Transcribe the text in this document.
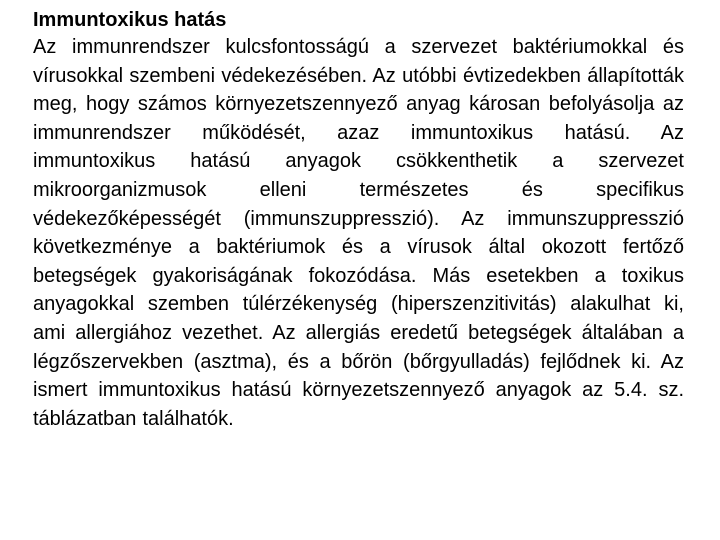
Immuntoxikus hatás

Az immunrendszer kulcsfontosságú a szervezet baktériumokkal és vírusokkal szembeni védekezésében. Az utóbbi évtizedekben állapították meg, hogy számos környezetszennyező anyag károsan befolyásolja az immunrendszer működését, azaz immuntoxikus hatású. Az immuntoxikus hatású anyagok csökkenthetik a szervezet mikroorganizmusok elleni természetes és specifikus védekezőképességét (immunszuppresszió). Az immunszuppresszió következménye a baktériumok és a vírusok által okozott fertőző betegségek gyakoriságának fokozódása. Más esetekben a toxikus anyagokkal szemben túlérzékenység (hiperszenzitivitás) alakulhat ki, ami allergiához vezethet. Az allergiás eredetű betegségek általában a légzőszervekben (asztma), és a bőrön (bőrgyulladás) fejlődnek ki. Az ismert immuntoxikus hatású környezetszennyező anyagok az 5.4. sz. táblázatban találhatók.
